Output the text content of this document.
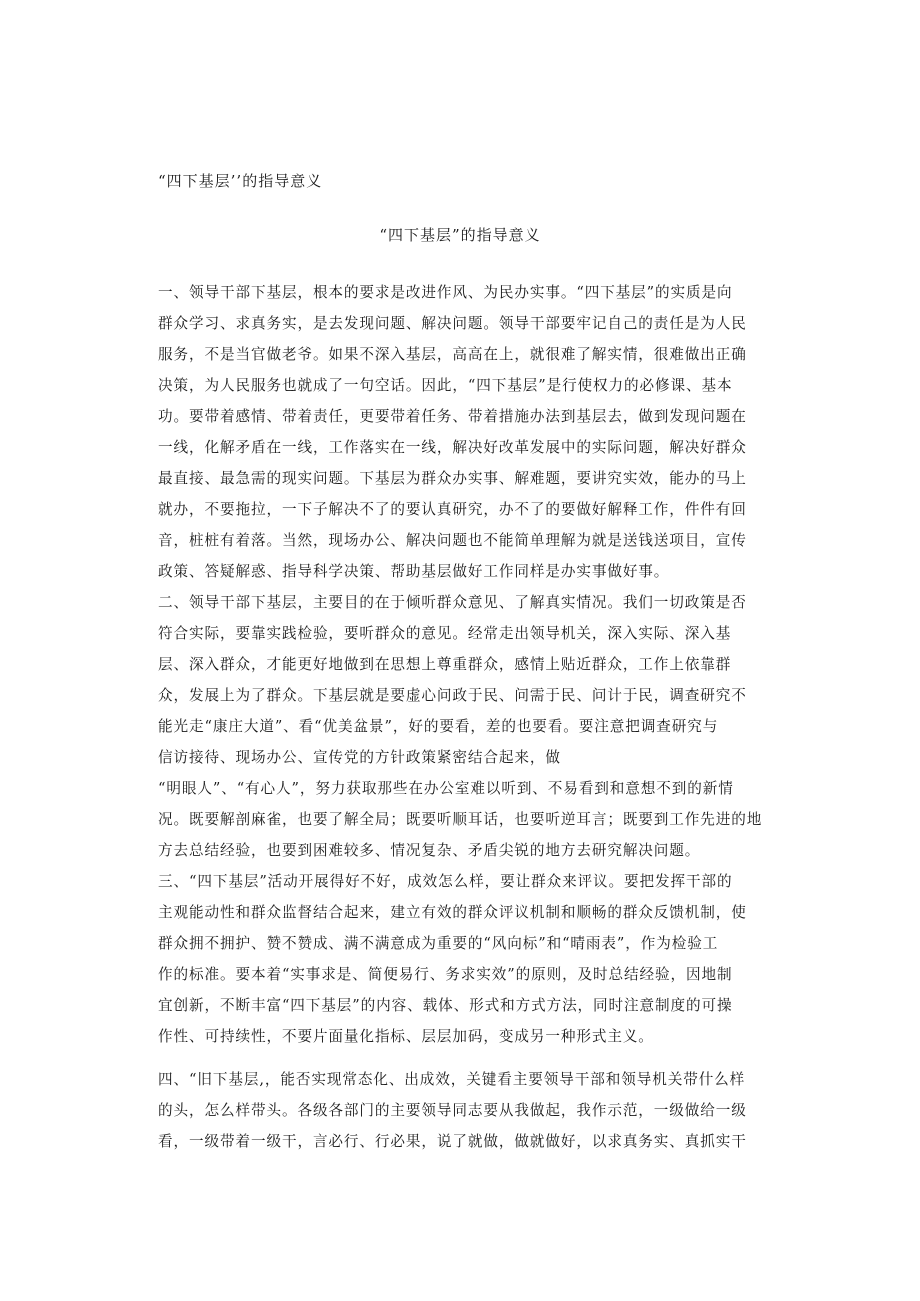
“四下基层’’的指导意义
“四下基层”的指导意义
一、领导干部下基层，根本的要求是改进作风、为民办实事。“四下基层”的实质是向
群众学习、求真务实，是去发现问题、解决问题。领导干部要牢记自己的责任是为人民
服务，不是当官做老爷。如果不深入基层，高高在上，就很难了解实情，很难做出正确
决策，为人民服务也就成了一句空话。因此，“四下基层”是行使权力的必修课、基本
功。要带着感情、带着责任，更要带着任务、带着措施办法到基层去，做到发现问题在
一线，化解矛盾在一线，工作落实在一线，解决好改革发展中的实际问题，解决好群众
最直接、最急需的现实问题。下基层为群众办实事、解难题，要讲究实效，能办的马上
就办，不要拖拉，一下子解决不了的要认真研究，办不了的要做好解释工作，件件有回
音，桩桩有着落。当然，现场办公、解决问题也不能简单理解为就是送钱送项目，宣传
政策、答疑解惑、指导科学决策、帮助基层做好工作同样是办实事做好事。
二、领导干部下基层，主要目的在于倾听群众意见、了解真实情况。我们一切政策是否
符合实际，要靠实践检验，要听群众的意见。经常走出领导机关，深入实际、深入基
层、深入群众，才能更好地做到在思想上尊重群众，感情上贴近群众，工作上依靠群
众，发展上为了群众。下基层就是要虚心问政于民、问需于民、问计于民，调查研究不
能光走“康庄大道”、看“优美盆景”，好的要看，差的也要看。要注意把调查研究与
信访接待、现场办公、宣传党的方针政策紧密结合起来，做
“明眼人”、“有心人”，努力获取那些在办公室难以听到、不易看到和意想不到的新情
况。既要解剖麻雀，也要了解全局；既要听顺耳话，也要听逆耳言；既要到工作先进的地
方去总结经验，也要到困难较多、情况复杂、矛盾尖锐的地方去研究解决问题。
三、“四下基层”活动开展得好不好，成效怎么样，要让群众来评议。要把发挥干部的
主观能动性和群众监督结合起来，建立有效的群众评议机制和顺畅的群众反馈机制，使
群众拥不拥护、赞不赞成、满不满意成为重要的“风向标”和“晴雨表”，作为检验工
作的标准。要本着“实事求是、简便易行、务求实效”的原则，及时总结经验，因地制
宜创新，不断丰富“四下基层”的内容、载体、形式和方式方法，同时注意制度的可操
作性、可持续性，不要片面量化指标、层层加码，变成另一种形式主义。
四、“旧下基层,，能否实现常态化、出成效，关键看主要领导干部和领导机关带什么样
的头，怎么样带头。各级各部门的主要领导同志要从我做起，我作示范，一级做给一级
看，一级带着一级干，言必行、行必果，说了就做，做就做好，以求真务实、真抓实干
